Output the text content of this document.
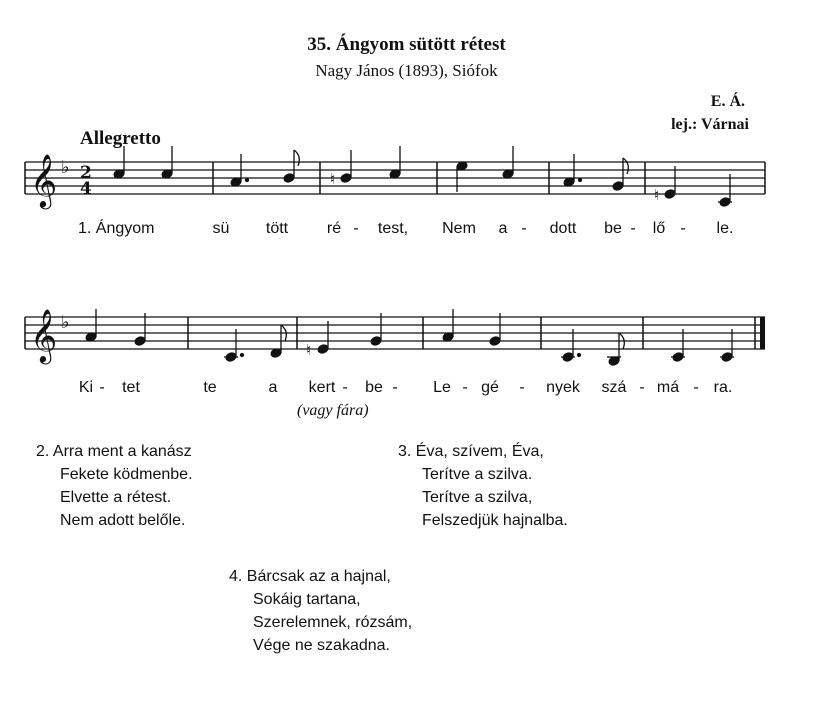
35. Ángyom sütött rétest
Nagy János (1893), Siófok
E. Á.
lej.: Várnai
Allegretto
𝄞
𝄞
♭
♭
2
4	♮
♮
♮
1. Ángyom	sü tött ré - test, Nem a - dott be - lő - le.
Ki - tet	te	a kert - be - Le - gé - nyek szá - má - ra.
(vagy fára)
2. Arra ment a kanász
Fekete ködmenbe.
Elvette a rétest.
Nem adott belőle.
3. Éva, szívem, Éva,
Terítve a szilva.
Terítve a szilva,
Felszedjük hajnalba.
4. Bárcsak az a hajnal,
Sokáig tartana,
Szerelemnek, rózsám,
Vége ne szakadna.
